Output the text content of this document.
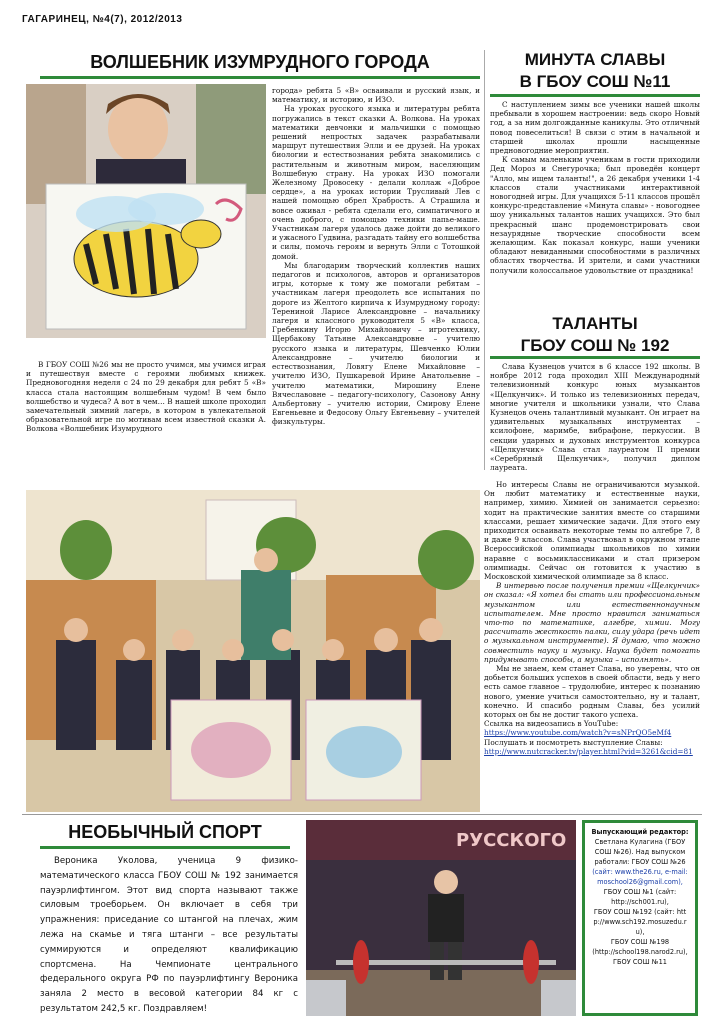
ГАГАРИНЕЦ, №4(7), 2012/2013
ВОЛШЕБНИК ИЗУМРУДНОГО ГОРОДА

В ГБОУ СОШ №26 мы не просто учимся, мы учимся играя и путешествуя вместе с героями любимых книжек. Предновогодняя неделя с 24 по 29 декабря для ребят 5 «В» класса стала настоящим волшебным чудом! В чем было волшебство и чудеса? А вот в чем… В нашей школе проходил замечательный зимний лагерь, в котором в увлекательной образовательной игре по мотивам всем известной сказки А. Волкова «Волшебник Изумрудного

города» ребята 5 «В» осваивали и русский язык, и математику, и историю, и ИЗО.

На уроках русского языка и литературы ребята погружались в текст сказки А. Волкова. На уроках математики девчонки и мальчишки с помощью решений непростых задачек разрабатывали маршрут путешествия Элли и ее друзей. На уроках биологии и естествознания ребята знакомились с растительным и животным миром, населяющим Волшебную страну. На уроках ИЗО помогали Железному Дровосеку - делали коллаж «Доброе сердце», а на уроках истории Трусливый Лев с нашей помощью обрел Храбрость. А Страшила и вовсе оживал - ребята сделали его, симпатичного и очень доброго, с помощью техники папье-маше. Участникам лагеря удалось даже дойти до великого и ужасного Гудвина, разгадать тайну его волшебства и силы, помочь героям и вернуть Элли с Тотошкой домой.

Мы благодарим творческий коллектив наших педагогов и психологов, авторов и организаторов игры, которые к тому же помогали ребятам – участникам лагеря преодолеть все испытания по дороге из Желтого кирпича к Изумрудному городу: Терениной Ларисе Александровне – начальнику лагеря и классного руководителя 5 «В» класса, Гребенкину Игорю Михайловичу – игротехнику, Щербакову Татьяне Александровне – учителю русского языка и литературы, Шевченко Юлии Александровне – учителю биологии и естествознания, Ловягу Елене Михайловне – учителю ИЗО, Пушкаревой Ирине Анатольевне – учителю математики, Мирошину Елене Вячеславовне – педагогу-психологу, Сазонову Анну Альбертовну – учителю истории, Смирову Елене Евгеньевне и Федосову Ольгу Евгеньевну – учителей физкультуры.

МИНУТА СЛАВЫ
В ГБОУ СОШ №11

С наступлением зимы все ученики нашей школы пребывали в хорошем настроении: ведь скоро Новый год, а за ним долгожданные каникулы. Это отличный повод повеселиться! В связи с этим в начальной и старшей школах прошли насыщенные предновогодние мероприятия.

К самым маленьким ученикам в гости приходили Дед Мороз и Снегурочка; был проведён концерт "Алло, мы ищем таланты!", а 26 декабря ученики 1-4 классов стали участниками интерактивной новогодней игры. Для учащихся 5-11 классов прошёл конкурс-представление «Минута славы» - новогоднее шоу уникальных талантов наших учащихся. Это был прекрасный шанс продемонстрировать свои незаурядные творческие способности всем желающим. Как показал конкурс, наши ученики обладают невиданными способностями в различных областях творчества. И зрители, и сами участники получили колоссальное удовольствие от праздника!

ТАЛАНТЫ
ГБОУ СОШ № 192

Слава Кузнецов учится в 6 классе 192 школы. В ноябре 2012 года проходил XIII Международный телевизионный конкурс юных музыкантов «Щелкунчик». И только из телевизионных передач, многие учителя и школьники узнали, что Слава Кузнецов очень талантливый музыкант. Он играет на удивительных музыкальных инструментах – ксилофоне, маримбе, вибрафоне, перкуссии. В секции ударных и духовых инструментов конкурса «Щелкунчик» Слава стал лауреатом II премии «Серебряный Щелкунчик», получил диплом лауреата.

Но интересы Славы не ограничиваются музыкой. Он любит математику и естественные науки, например, химию. Химией он занимается серьезно: ходит на практические занятия вместе со старшими классами, решает химические задачи. Для этого ему приходится осваивать некоторые темы по алгебре 7, 8 и даже 9 классов. Слава участвовал в окружном этапе Всероссийской олимпиады школьников по химии наравне с восьмиклассниками и стал призером олимпиады. Сейчас он готовится к участию в Московской химической олимпиаде за 8 класс.

В интервью после получения премии «Щелкунчик» он сказал: «Я хотел бы стать или профессиональным музыкантом или естественнонаучным испытателем. Мне просто нравится заниматься что-то по математике, алгебре, химии. Могу рассчитать жесткость палки, силу удара (речь идет о музыкальном инструменте). Я думаю, что можно совместить науку и музыку. Наука будет помогать придумывать способы, а музыка – исполнять».

Мы не знаем, кем станет Слава, но уверены, что он добьется больших успехов в своей области, ведь у него есть самое главное – трудолюбие, интерес к познанию нового, умение учиться самостоятельно, ну и талант, конечно. И спасибо родным Славы, без усилий которых он бы не достиг такого успеха.

Ссылка на видеозапись в YouTube:
https://www.youtube.com/watch?v=sNPrQO5eMf4
Послушать и посмотреть выступление Славы:
http://www.nutcracker.tv/player.html?vid=3261&cid=81
НЕОБЫЧНЫЙ СПОРТ
Вероника Уколова, ученица 9 физико-математического класса ГБОУ СОШ № 192 занимается пауэрлифтингом. Этот вид спорта называют также силовым троеборьем. Он включает в себя три упражнения: приседание со штангой на плечах, жим лежа на скамье и тяга штанги – все результаты суммируются и определяют квалификацию спортсмена. На Чемпионате центрального федерального округа РФ по пауэрлифтингу Вероника заняла 2 место в весовой категории 84 кг с результатом 242,5 кг. Поздравляем!
РУССКОГО	Выпускающий редактор:
Светлана Кулагина (ГБОУ СОШ №26). Над выпуском работали: ГБОУ СОШ №26
(сайт: www.the26.ru, e-mail: moschool26@gmail.com),
ГБОУ СОШ №1 (сайт: http://sch001.ru),
ГБОУ СОШ №192 (сайт: http://www.sch192.mosuzedu.ru),
ГБОУ СОШ №198 (http://school198.narod2.ru),
ГБОУ СОШ №11
